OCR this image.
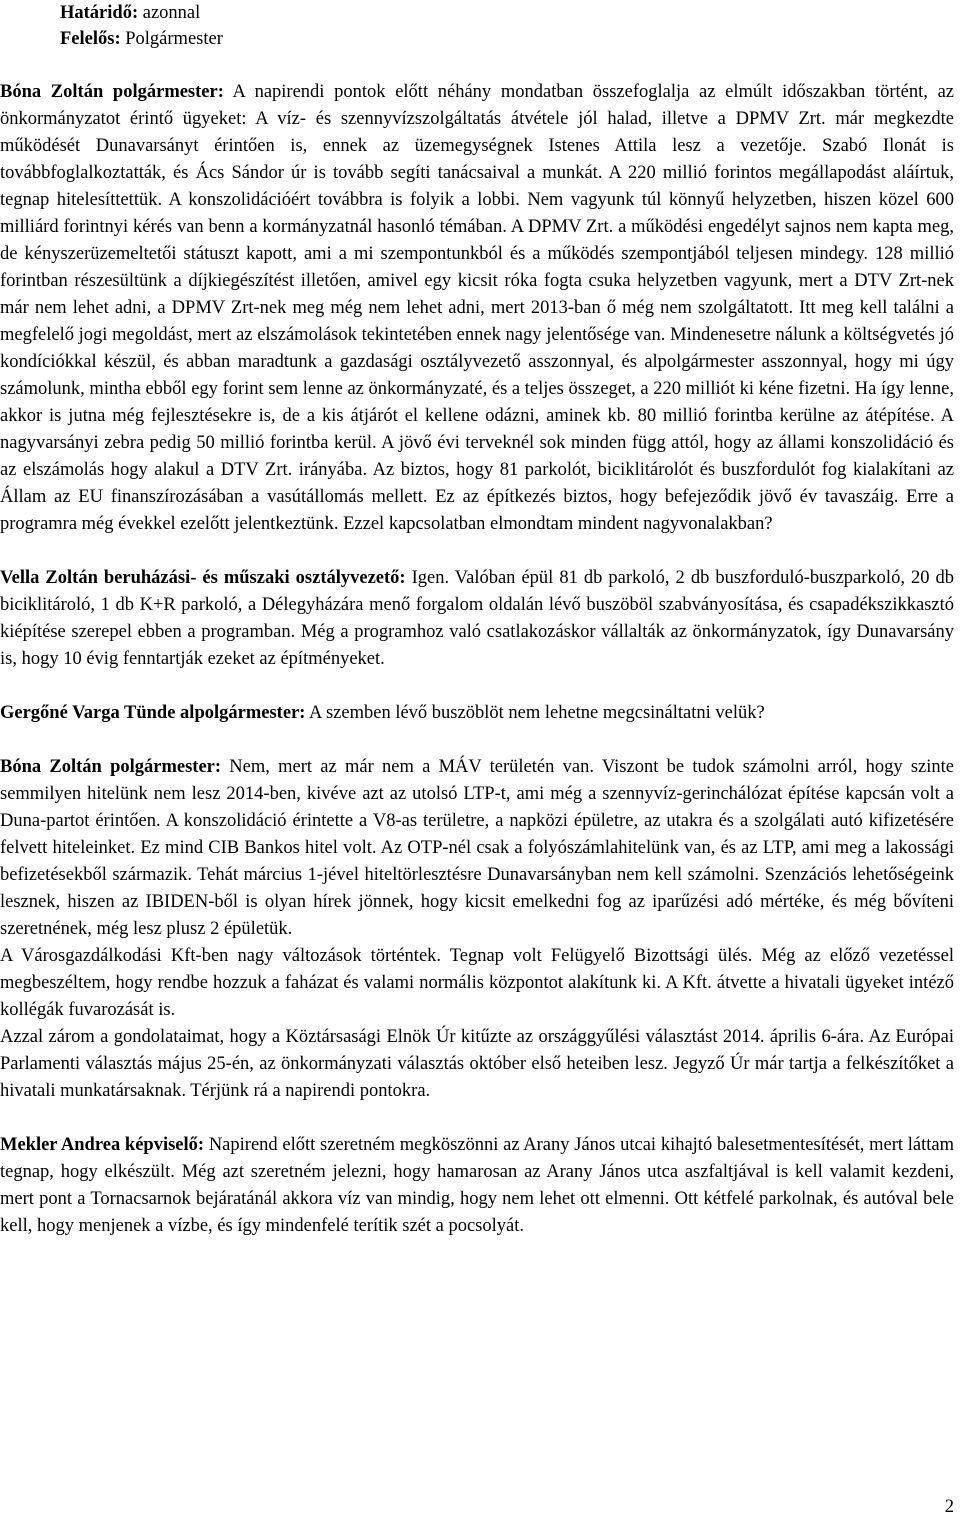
Határidő: azonnal
Felelős: Polgármester

Bóna Zoltán polgármester: A napirendi pontok előtt néhány mondatban összefoglalja az elmúlt időszakban történt, az önkormányzatot érintő ügyeket: A víz- és szennyvízszolgáltatás átvétele jól halad, illetve a DPMV Zrt. már megkezdte működését Dunavarsányt érintően is, ennek az üzemegységnek Istenes Attila lesz a vezetője. Szabó Ilonát is továbbfoglalkoztatták, és Ács Sándor úr is tovább segíti tanácsaival a munkát. A 220 millió forintos megállapodást aláírtuk, tegnap hitelesíttettük. A konszolidációért továbbra is folyik a lobbi. Nem vagyunk túl könnyű helyzetben, hiszen közel 600 milliárd forintnyi kérés van benn a kormányzatnál hasonló témában. A DPMV Zrt. a működési engedélyt sajnos nem kapta meg, de kényszerüzemeltetői státuszt kapott, ami a mi szempontunkból és a működés szempontjából teljesen mindegy. 128 millió forintban részesültünk a díjkiegészítést illetően, amivel egy kicsit róka fogta csuka helyzetben vagyunk, mert a DTV Zrt-nek már nem lehet adni, a DPMV Zrt-nek meg még nem lehet adni, mert 2013-ban ő még nem szolgáltatott. Itt meg kell találni a megfelelő jogi megoldást, mert az elszámolások tekintetében ennek nagy jelentősége van. Mindenesetre nálunk a költségvetés jó kondíciókkal készül, és abban maradtunk a gazdasági osztályvezető asszonnyal, és alpolgármester asszonnyal, hogy mi úgy számolunk, mintha ebből egy forint sem lenne az önkormányzaté, és a teljes összeget, a 220 milliót ki kéne fizetni. Ha így lenne, akkor is jutna még fejlesztésekre is, de a kis átjárót el kellene odázni, aminek kb. 80 millió forintba kerülne az átépítése. A nagyvarsányi zebra pedig 50 millió forintba kerül. A jövő évi terveknél sok minden függ attól, hogy az állami konszolidáció és az elszámolás hogy alakul a DTV Zrt. irányába. Az biztos, hogy 81 parkolót, biciklitárolót és buszfordulót fog kialakítani az Állam az EU finanszírozásában a vasútállomás mellett. Ez az építkezés biztos, hogy befejeződik jövő év tavaszáig. Erre a programra még évekkel ezelőtt jelentkeztünk. Ezzel kapcsolatban elmondtam mindent nagyvonalakban?

Vella Zoltán beruházási- és műszaki osztályvezető: Igen. Valóban épül 81 db parkoló, 2 db buszforduló-buszparkoló, 20 db biciklitároló, 1 db K+R parkoló, a Délegyházára menő forgalom oldalán lévő buszöböl szabványosítása, és csapadékszikkasztó kiépítése szerepel ebben a programban. Még a programhoz való csatlakozáskor vállalták az önkormányzatok, így Dunavarsány is, hogy 10 évig fenntartják ezeket az építményeket.

Gergőné Varga Tünde alpolgármester: A szemben lévő buszöblöt nem lehetne megcsináltatni velük?

Bóna Zoltán polgármester: Nem, mert az már nem a MÁV területén van. Viszont be tudok számolni arról, hogy szinte semmilyen hitelünk nem lesz 2014-ben, kivéve azt az utolsó LTP-t, ami még a szennyvíz-gerinchálózat építése kapcsán volt a Duna-partot érintően. A konszolidáció érintette a V8-as területre, a napközi épületre, az utakra és a szolgálati autó kifizetésére felvett hiteleinket. Ez mind CIB Bankos hitel volt. Az OTP-nél csak a folyószámlahitelünk van, és az LTP, ami meg a lakossági befizetésekből származik. Tehát március 1-jével hiteltörlesztésre Dunavarsányban nem kell számolni. Szenzációs lehetőségeink lesznek, hiszen az IBIDEN-ből is olyan hírek jönnek, hogy kicsit emelkedni fog az iparűzési adó mértéke, és még bővíteni szeretnének, még lesz plusz 2 épületük.

A Városgazdálkodási Kft-ben nagy változások történtek. Tegnap volt Felügyelő Bizottsági ülés. Még az előző vezetéssel megbeszéltem, hogy rendbe hozzuk a faházat és valami normális központot alakítunk ki. A Kft. átvette a hivatali ügyeket intéző kollégák fuvarozását is.

Azzal zárom a gondolataimat, hogy a Köztársasági Elnök Úr kitűzte az országgyűlési választást 2014. április 6-ára. Az Európai Parlamenti választás május 25-én, az önkormányzati választás október első heteiben lesz. Jegyző Úr már tartja a felkészítőket a hivatali munkatársaknak. Térjünk rá a napirendi pontokra.

Mekler Andrea képviselő: Napirend előtt szeretném megköszönni az Arany János utcai kihajtó balesetmentesítését, mert láttam tegnap, hogy elkészült. Még azt szeretném jelezni, hogy hamarosan az Arany János utca aszfaltjával is kell valamit kezdeni, mert pont a Tornacsarnok bejáratánál akkora víz van mindig, hogy nem lehet ott elmenni. Ott kétfelé parkolnak, és autóval bele kell, hogy menjenek a vízbe, és így mindenfelé terítik szét a pocsolyát.

2
